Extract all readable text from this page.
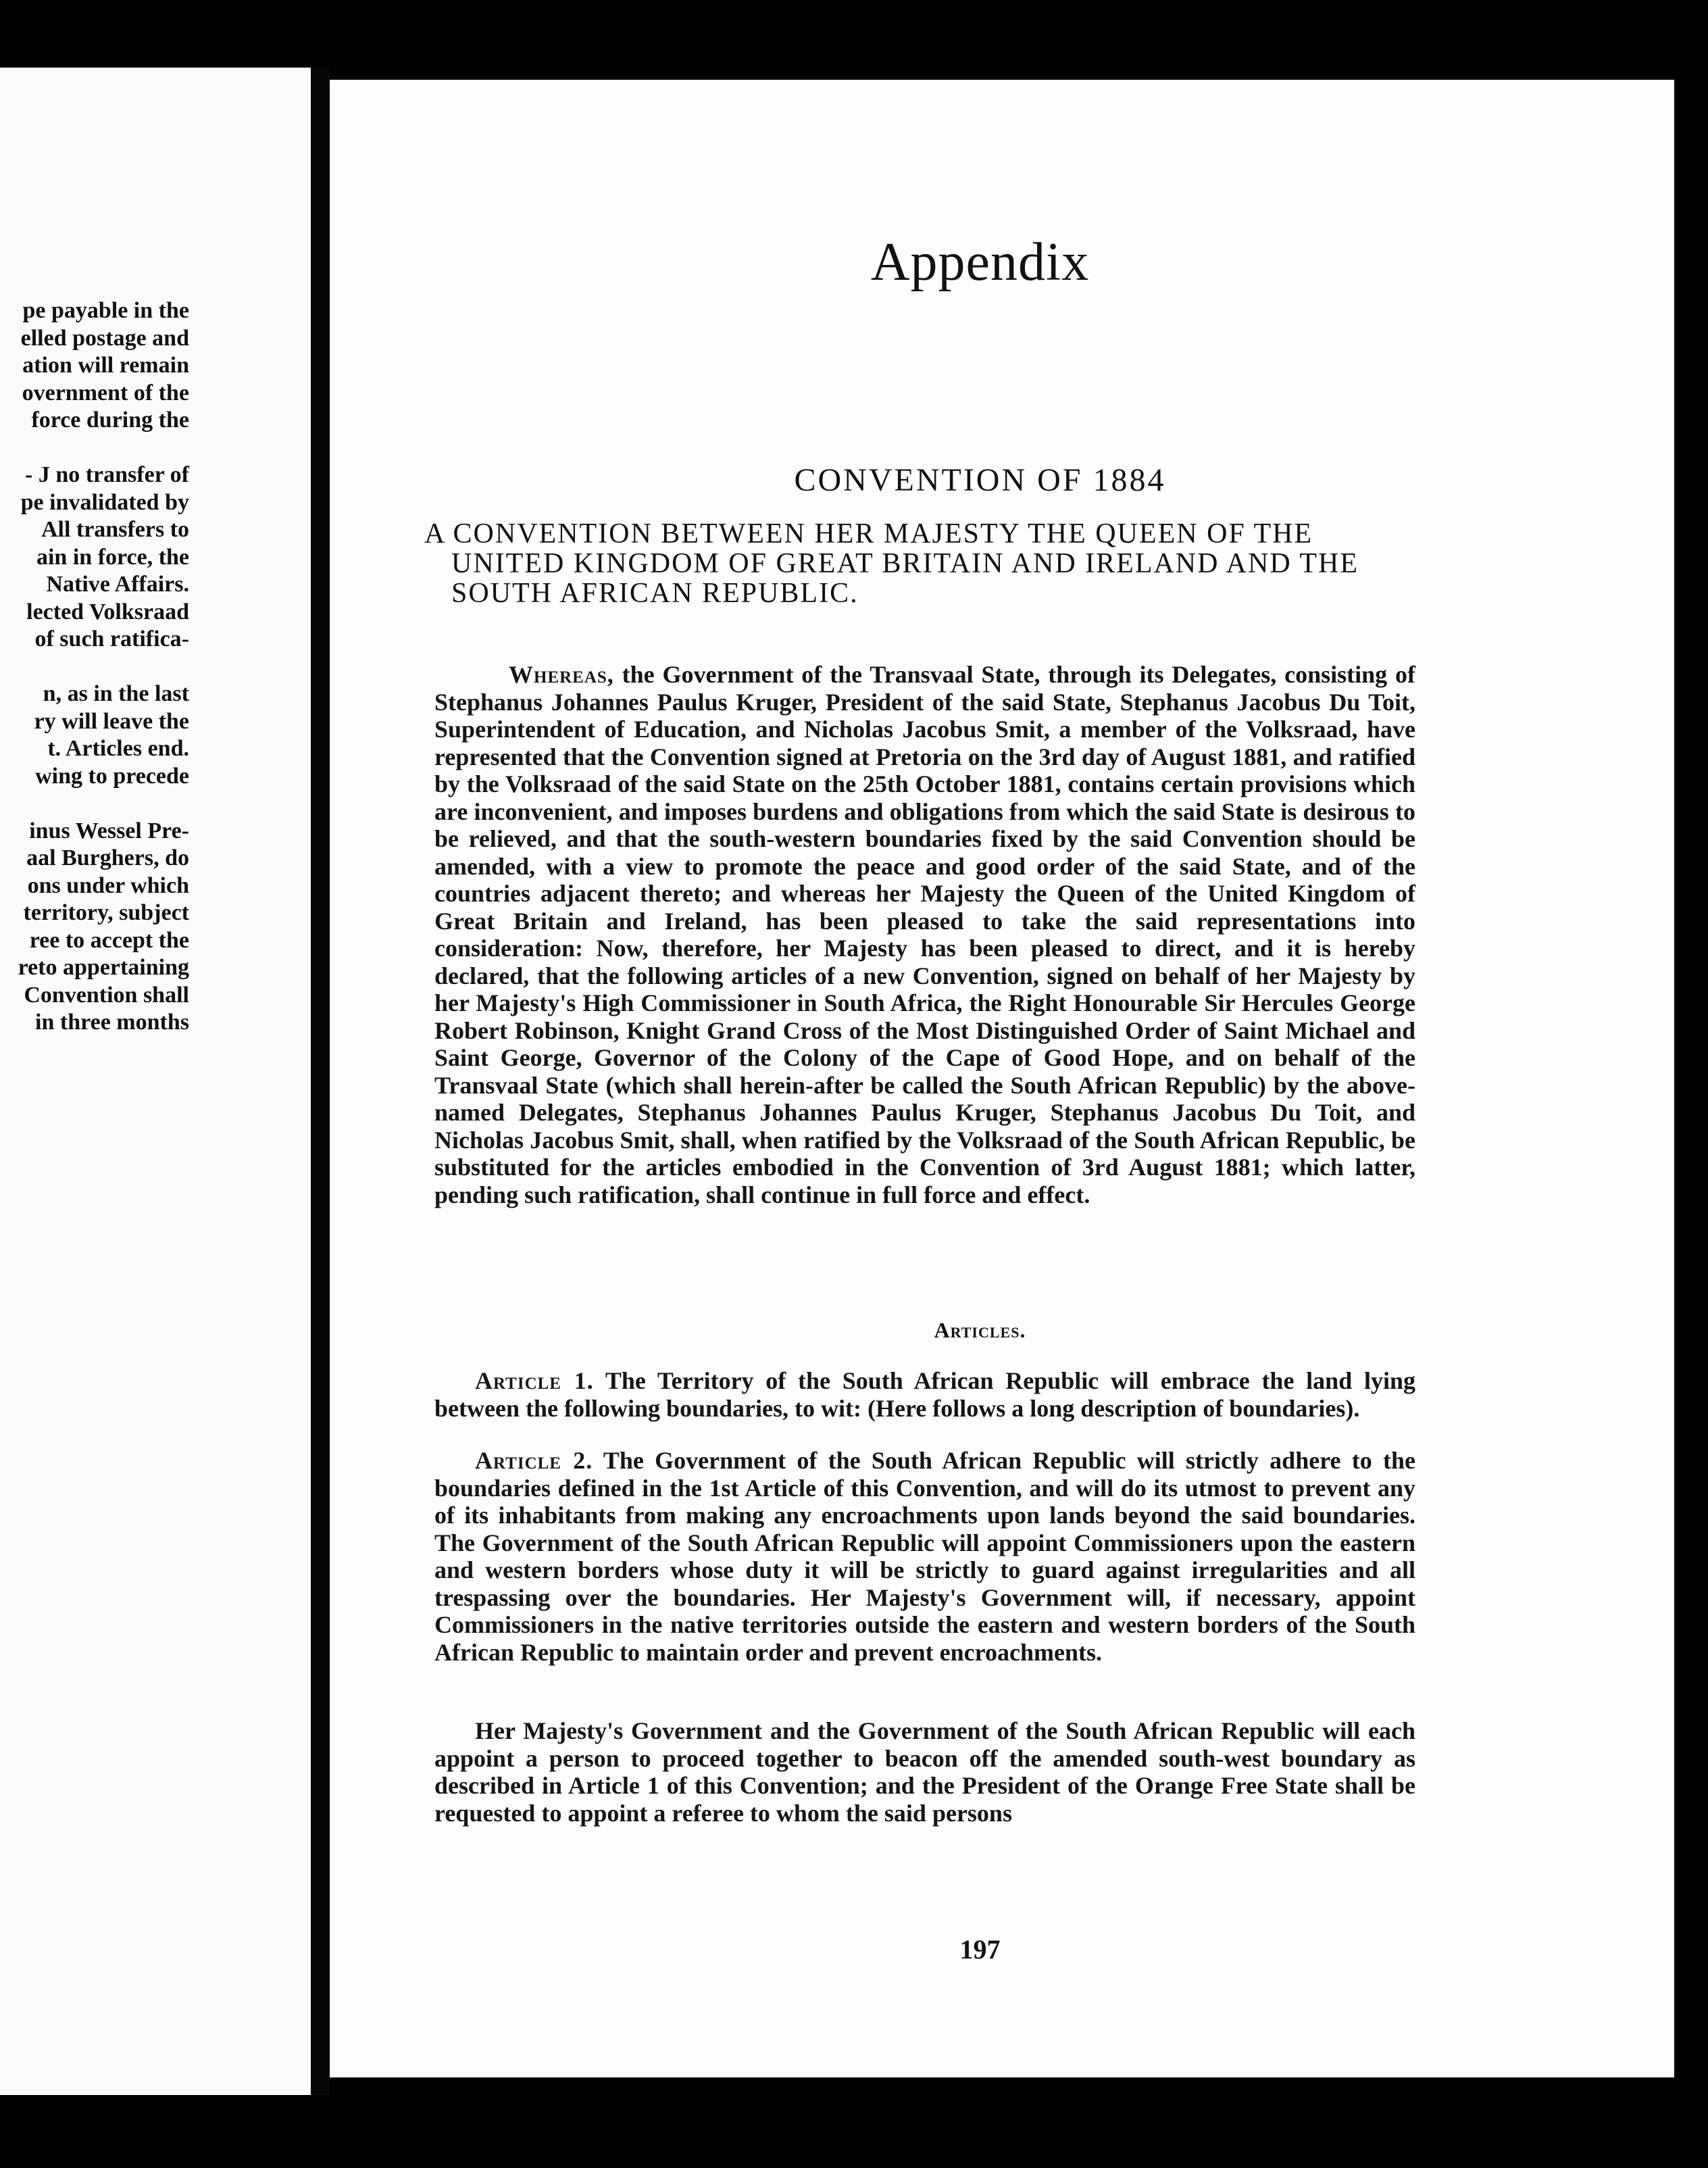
pe payable in the
elled postage and
ation will remain
overnment of the
force during the
- J no transfer of
pe invalidated by
All transfers to
ain in force, the
Native Affairs.
lected Volksraad
of such ratifica-
n, as in the last
ry will leave the
t. Articles end.
wing to precede
inus Wessel Pre-
aal Burghers, do
ons under which
territory, subject
ree to accept the
reto appertaining
Convention shall
in three months
Appendix
CONVENTION OF 1884
A CONVENTION BETWEEN HER MAJESTY THE QUEEN OF THE
UNITED KINGDOM OF GREAT BRITAIN AND IRELAND AND THE SOUTH AFRICAN REPUBLIC.
Whereas, the Government of the Transvaal State, through its Delegates, consisting of Stephanus Johannes Paulus Kruger, President of the said State, Stephanus Jacobus Du Toit, Superintendent of Education, and Nicholas Jacobus Smit, a member of the Volksraad, have represented that the Convention signed at Pretoria on the 3rd day of August 1881, and ratified by the Volksraad of the said State on the 25th October 1881, contains certain provisions which are inconvenient, and imposes burdens and obligations from which the said State is desirous to be relieved, and that the south-western boundaries fixed by the said Convention should be amended, with a view to promote the peace and good order of the said State, and of the countries adjacent thereto; and whereas her Majesty the Queen of the United Kingdom of Great Britain and Ireland, has been pleased to take the said representations into consideration: Now, therefore, her Majesty has been pleased to direct, and it is hereby declared, that the following articles of a new Convention, signed on behalf of her Majesty by her Majesty's High Commissioner in South Africa, the Right Honourable Sir Hercules George Robert Robinson, Knight Grand Cross of the Most Distinguished Order of Saint Michael and Saint George, Governor of the Colony of the Cape of Good Hope, and on behalf of the Transvaal State (which shall herein-after be called the South African Republic) by the above-named Delegates, Stephanus Johannes Paulus Kruger, Stephanus Jacobus Du Toit, and Nicholas Jacobus Smit, shall, when ratified by the Volksraad of the South African Republic, be substituted for the articles embodied in the Convention of 3rd August 1881; which latter, pending such ratification, shall continue in full force and effect.
Articles.
Article 1. The Territory of the South African Republic will embrace the land lying between the following boundaries, to wit: (Here follows a long description of boundaries).
Article 2. The Government of the South African Republic will strictly adhere to the boundaries defined in the 1st Article of this Convention, and will do its utmost to prevent any of its inhabitants from making any encroachments upon lands beyond the said boundaries. The Government of the South African Republic will appoint Commissioners upon the eastern and western borders whose duty it will be strictly to guard against irregularities and all trespassing over the boundaries. Her Majesty's Government will, if necessary, appoint Commissioners in the native territories outside the eastern and western borders of the South African Republic to maintain order and prevent encroachments.
Her Majesty's Government and the Government of the South African Republic will each appoint a person to proceed together to beacon off the amended south-west boundary as described in Article 1 of this Convention; and the President of the Orange Free State shall be requested to appoint a referee to whom the said persons
197
